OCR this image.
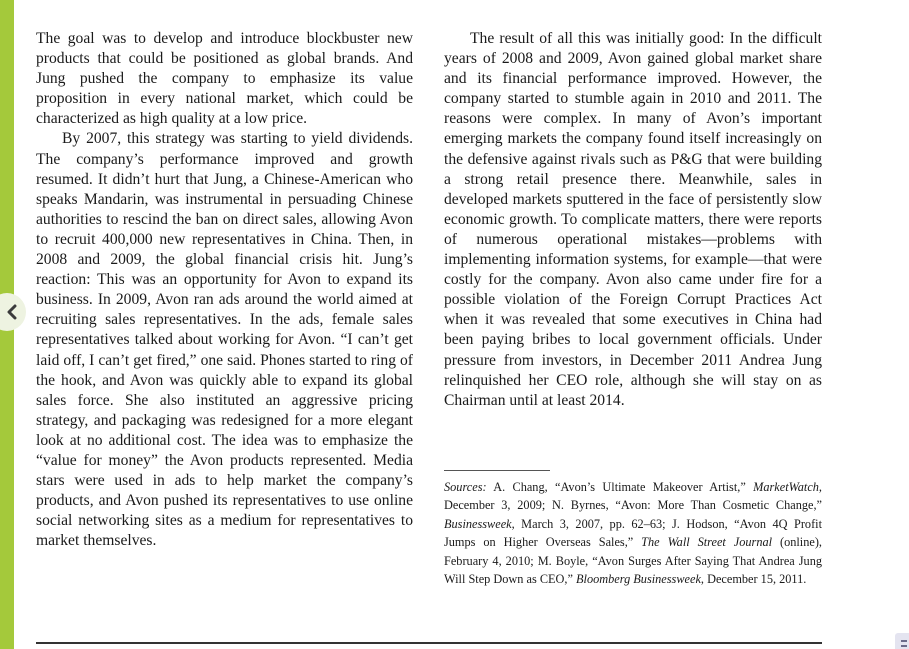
The goal was to develop and introduce blockbuster new products that could be positioned as global brands. And Jung pushed the company to emphasize its value proposition in every national market, which could be characterized as high quality at a low price.

By 2007, this strategy was starting to yield dividends. The company’s performance improved and growth resumed. It didn’t hurt that Jung, a Chinese-American who speaks Mandarin, was instrumental in persuading Chinese authorities to rescind the ban on direct sales, allowing Avon to recruit 400,000 new representatives in China. Then, in 2008 and 2009, the global financial crisis hit. Jung’s reaction: This was an opportunity for Avon to expand its business. In 2009, Avon ran ads around the world aimed at recruiting sales representatives. In the ads, female sales representatives talked about working for Avon. “I can’t get laid off, I can’t get fired,” one said. Phones started to ring of the hook, and Avon was quickly able to expand its global sales force. She also instituted an aggressive pricing strategy, and packaging was redesigned for a more elegant look at no additional cost. The idea was to emphasize the “value for money” the Avon products represented. Media stars were used in ads to help market the company’s products, and Avon pushed its representatives to use online social networking sites as a medium for representatives to market themselves.

The result of all this was initially good: In the difficult years of 2008 and 2009, Avon gained global market share and its financial performance improved. However, the company started to stumble again in 2010 and 2011. The reasons were complex. In many of Avon’s important emerging markets the company found itself increasingly on the defensive against rivals such as P&G that were building a strong retail presence there. Meanwhile, sales in developed markets sputtered in the face of persistently slow economic growth. To complicate matters, there were reports of numerous operational mistakes—problems with implementing information systems, for example—that were costly for the company. Avon also came under fire for a possible violation of the Foreign Corrupt Practices Act when it was revealed that some executives in China had been paying bribes to local government officials. Under pressure from investors, in December 2011 Andrea Jung relinquished her CEO role, although she will stay on as Chairman until at least 2014.

Sources: A. Chang, “Avon’s Ultimate Makeover Artist,” MarketWatch, December 3, 2009; N. Byrnes, “Avon: More Than Cosmetic Change,” Businessweek, March 3, 2007, pp. 62–63; J. Hodson, “Avon 4Q Profit Jumps on Higher Overseas Sales,” The Wall Street Journal (online), February 4, 2010; M. Boyle, “Avon Surges After Saying That Andrea Jung Will Step Down as CEO,” Bloomberg Businessweek, December 15, 2011.
